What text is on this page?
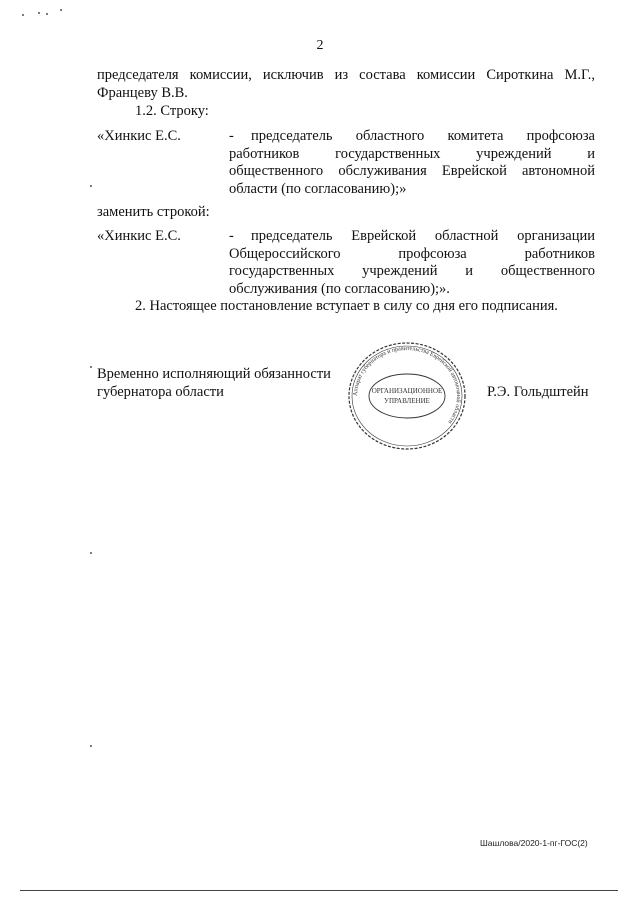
2
председателя комиссии, исключив из состава комиссии Сироткина М.Г.,
Францеву В.В.
1.2. Строку:
«Хинкис Е.С.	-	председатель областного комитета профсоюза
работников государственных учреждений и
общественного обслуживания Еврейской автономной
области (по согласованию);»
заменить строкой:
«Хинкис Е.С.	-	председатель Еврейской областной организации
Общероссийского профсоюза работников
государственных учреждений и общественного
обслуживания (по согласованию);».
2. Настоящее постановление вступает в силу со дня его подписания.
Временно исполняющий обязанности
губернатора области	Аппарат губернатора и правительства Еврейской автономной области
ОРГАНИЗАЦИОННОЕ
УПРАВЛЕНИЕ
Р.Э. Гольдштейн
Шашлова/2020-1-пг-ГОС(2)
